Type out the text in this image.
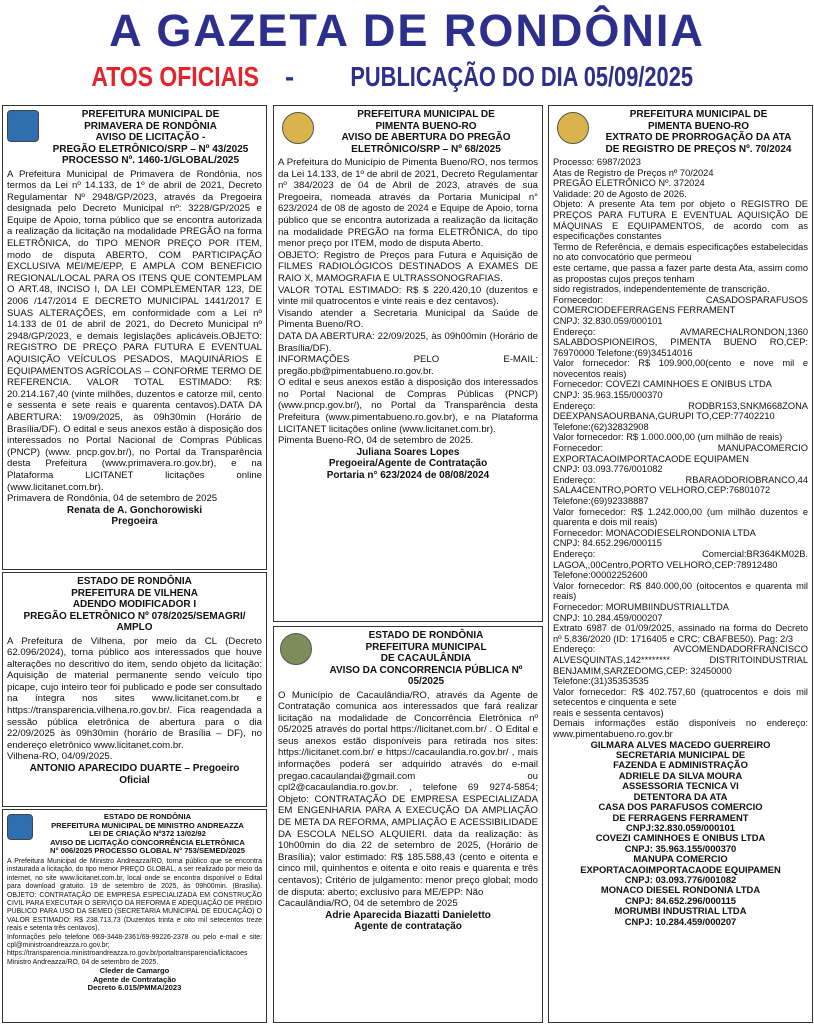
A GAZETA DE RONDÔNIA
ATOS OFICIAIS - PUBLICAÇÃO DO DIA 05/09/2025
PREFEITURA MUNICIPAL DE
PRIMAVERA DE RONDÔNIA
AVISO DE LICITAÇÃO -
PREGÃO ELETRÔNICO/SRP – Nº 43/2025
PROCESSO Nº. 1460-1/GLOBAL/2025
A Prefeitura Municipal de Primavera de Rondônia, nos termos da Lei nº 14.133, de 1º de abril de 2021, Decreto Regulamentar Nº 2948/GP/2023, através da Pregoeira designada pelo Decreto Municipal nº: 3228/GP/2025 e Equipe de Apoio, torna público que se encontra autorizada a realização da licitação na modalidade PREGÃO na forma ELETRÔNICA, do TIPO MENOR PREÇO POR ITEM, modo de disputa ABERTO, COM PARTICIPAÇÃO EXCLUSIVA MEI/ME/EPP, E AMPLA COM BENEFICIO REGIONAL/LOCAL PARA OS ITENS QUE CONTEMPLAM O ART.48, INCISO I, DA LEI COMPLEMENTAR 123, DE 2006 /147/2014 E DECRETO MUNICIPAL 1441/2017 E SUAS ALTERAÇÕES, em conformidade com a Lei nº 14.133 de 01 de abril de 2021, do Decreto Municipal nº 2948/GP/2023, e demais legislações aplicáveis.OBJETO: REGISTRO DE PREÇO PARA FUTURA E EVENTUAL AQUISIÇÃO VEÍCULOS PESADOS, MAQUINÁRIOS E EQUIPAMENTOS AGRÍCOLAS – CONFORME TERMO DE REFERENCIA. VALOR TOTAL ESTIMADO: R$: 20.214.167,40 (vinte milhões, duzentos e catorze mil, cento e sessenta e sete reais e quarenta centavos).DATA DA ABERTURA: 19/09/2025, às 09h30min (Horário de Brasília/DF). O edital e seus anexos estão à disposição dos interessados no Portal Nacional de Compras Públicas (PNCP) (www. pncp.gov.br/), no Portal da Transparência desta Prefeitura (www.primavera.ro.gov.br), e na Plataforma LICITANET licitações online (www.licitanet.com.br).
Primavera de Rondônia, 04 de setembro de 2025
Renata de A. Gonchorowiski
Pregoeira
ESTADO DE RONDÔNIA
PREFEITURA DE VILHENA
ADENDO MODIFICADOR I
PREGÃO ELETRÔNICO Nº 078/2025/SEMAGRI/
AMPLO
A Prefeitura de Vilhena, por meio da CL (Decreto 62.096/2024), torna público aos interessados que houve alterações no descritivo do item, sendo objeto da licitação: Aquisição de material permanente sendo veículo tipo picape, cujo inteiro teor foi publicado e pode ser consultado na íntegra nos sites www.licitanet.com.br e https://transparencia.vilhena.ro.gov.br/. Fica reagendada a sessão pública eletrônica de abertura para o dia 22/09/2025 às 09h30min (horário de Brasília – DF), no endereço eletrônico www.licitanet.com.br.
Vilhena-RO, 04/09/2025.
ANTONIO APARECIDO DUARTE – Pregoeiro
Oficial
ESTADO DE RONDÔNIA
PREFEITURA MUNICIPAL DE MINISTRO ANDREAZZA
LEI DE CRIAÇÃO Nº372 13/02/92
AVISO DE LICITAÇÃO CONCORRÊNCIA ELETRÔNICA
N° 006/2025 PROCESSO GLOBAL N° 753/SEMED/2025
A Prefeitura Municipal de Ministro Andreazza/RO, torna público que se encontra instaurada a licitação, do tipo menor PREÇO GLOBAL, a ser realizado por meio da internet, no site www.licitanet.com.br, local onde se encontra disponível o Edital para download gratuito. 19 de setembro de 2025, às 09h00min. (Brasília). OBJETO: CONTRATAÇÃO DE EMPRESA ESPECIALIZADA EM CONSTRUÇÃO CIVIL PARA EXECUTAR O SERVIÇO DA REFORMA E ADEQUAÇÃO DE PRÉDIO PÚBLICO PARA USO DA SEMED (SECRETARIA MUNICIPAL DE EDUCAÇÃO) O VALOR ESTIMADO: R$ 238.713,73 (Duzentos trinta e oito mil setecentos treze reais e setenta três centavos).
Informações pelo telefone 069-3448-2361/69-99226-2378 ou pelo e-mail e site: cpl@ministroandreazza.ro.gov.br; https://transparencia.ministroandreazza.ro.gov.br/portaltransparencia/licitacoes
Ministro Andreazza/RO, 04 de setembro de 2025.
Cleder de Camargo
Agente de Contratação
Decreto 6.015/PMMA/2023
PREFEITURA MUNICIPAL DE
PIMENTA BUENO-RO
AVISO DE ABERTURA DO PREGÃO
ELETRÔNICO/SRP – Nº 68/2025
A Prefeitura do Município de Pimenta Bueno/RO, nos termos da Lei 14.133, de 1º de abril de 2021, Decreto Regulamentar nº 384/2023 de 04 de Abril de 2023, através de sua Pregoeira, nomeada através da Portaria Municipal n° 623/2024 de 08 de agosto de 2024 e Equipe de Apoio, torna público que se encontra autorizada a realização da licitação na modalidade PREGÃO na forma ELETRÔNICA, do tipo menor preço por ITEM, modo de disputa Aberto.
OBJETO: Registro de Preços para Futura e Aquisição de FILMES RADIOLÓGICOS DESTINADOS A EXAMES DE RAIO X, MAMOGRAFIA E ULTRASSONOGRAFIAS.
VALOR TOTAL ESTIMADO: R$ $ 220.420,10 (duzentos e vinte mil quatrocentos e vinte reais e dez centavos).
Visando atender a Secretaria Municipal da Saúde de Pimenta Bueno/RO.
DATA DA ABERTURA: 22/09/2025, às 09h00min (Horário de Brasília/DF).
INFORMAÇÕES PELO E-MAIL: pregão.pb@pimentabueno.ro.gov.br.
O edital e seus anexos estão à disposição dos interessados no Portal Nacional de Compras Públicas (PNCP) (www.pncp.gov.br/), no Portal da Transparência desta Prefeitura (www.pimentabueno.ro.gov.br), e na Plataforma LICITANET licitações online (www.licitanet.com.br).
Pimenta Bueno-RO, 04 de setembro de 2025.
Juliana Soares Lopes
Pregoeira/Agente de Contratação
Portaria n° 623/2024 de 08/08/2024
ESTADO DE RONDÔNIA
PREFEITURA MUNICIPAL
DE CACAULÂNDIA
AVISO DA CONCORRENCIA PÚBLICA Nº 05/2025
O Município de Cacaulândia/RO, através da Agente de Contratação comunica aos interessados que fará realizar licitação na modalidade de Concorrência Eletrônica nº 05/2025 através do portal https://licitanet.com.br/ . O Edital e seus anexos estão disponíveis para retirada nos sites: https://licitanet.com.br/ e https://cacaulandia.ro.gov.br/ , mais informações poderá ser adquirido através do e-mail pregao.cacaulandai@gmail.com ou cpl2@cacaulandia.ro.gov.br. , telefone 69 9274-5854; Objeto: CONTRATAÇÃO DE EMPRESA ESPECIALIZADA EM ENGENHARIA PARA A EXECUÇÃO DA AMPLIAÇÃO DE META DA REFORMA, AMPLIAÇÃO E ACESSIBILIDADE DA ESCOLA NELSO ALQUIERI. data da realização: às 10h00min do dia 22 de setembro de 2025, (Horário de Brasília); valor estimado: R$ 185.588,43 (cento e oitenta e cinco mil, quinhentos e oitenta e oito reais e quarenta e três centavos); Critério de julgamento: menor preço global; modo de disputa: aberto; exclusivo para ME/EPP: Não
Cacaulândia/RO, 04 de setembro de 2025
Adrie Aparecida Biazatti Danieletto
Agente de contratação
PREFEITURA MUNICIPAL DE
PIMENTA BUENO-RO
EXTRATO DE PRORROGAÇÃO DA ATA
DE REGISTRO DE PREÇOS Nº. 70/2024
Processo: 6987/2023
Atas de Registro de Preços nº 70/2024
PREGÃO ELETRÔNICO Nº. 372024
Validade: 20 de Agosto de 2026.
Objeto: A presente Ata tem por objeto o REGISTRO DE PREÇOS PARA FUTURA E EVENTUAL AQUISIÇÃO DE MÁQUINAS E EQUIPAMENTOS, de acordo com as especificações constantes
Termo de Referência, e demais especificações estabelecidas no ato convocatório que permeou
este certame, que passa a fazer parte desta Ata, assim como as propostas cujos preços tenham
sido registrados, independentemente de transcrição.
Fornecedor: CASADOSPARAFUSOS COMERCIODEFERRAGENS FERRAMENT
CNPJ: 32.830.059/000101
Endereço: AVMARECHALRONDON,1360 SALABDOSPIONEIROS, PIMENTA BUENO RO,CEP: 76970000 Telefone:(69)34514016
Valor fornecedor: R$ 109.900,00(cento e nove mil e novecentos reais)
Fornecedor: COVEZI CAMINHOES E ONIBUS LTDA
CNPJ: 35.963.155/000370
Endereço: RODBR153,SNKM668ZONA DEEXPANSAOURBANA,GURUPI TO,CEP:77402210
Telefone:(62)32832908
Valor fornecedor: R$ 1.000.000,00 (um milhão de reais)
Fornecedor: MANUPACOMERCIO EXPORTACAOIMPORTACAODE EQUIPAMEN
CNPJ: 03.093.776/001082
Endereço: RBARAODORIOBRANCO,44 SALA4CENTRO,PORTO VELHORO,CEP:76801072
Telefone:(69)92338887
Valor fornecedor: R$ 1.242.000,00 (um milhão duzentos e quarenta e dois mil reais)
Fornecedor: MONACODIESELRONDONIA LTDA
CNPJ: 84.652.296/000115
Endereço: Comercial:BR364KM02B. LAGOA,,00Centro,PORTO VELHORO,CEP:78912480
Telefone:00002252600
Valor fornecedor: R$ 840.000,00 (oitocentos e quarenta mil reais)
Fornecedor: MORUMBIINDUSTRIALLTDA
CNPJ: 10.284.459/000207
Extrato 6987 de 01/09/2025, assinado na forma do Decreto nº 5.836/2020 (ID: 1716405 e CRC: CBAFBE50). Pag: 2/3
Endereço: AVCOMENDADORFRANCISCO ALVESQUINTAS,142******** DISTRITOINDUSTRIAL BENJAMIM,SARZEDOMG,CEP: 32450000
Telefone:(31)35353535
Valor fornecedor: R$ 402.757,60 (quatrocentos e dois mil setecentos e cinquenta e sete
reais e sessenta centavos)
Demais informações estão disponíveis no endereço: www.pimentabueno.ro.gov.br
GILMARA ALVES MACEDO GUERREIRO
SECRETARIA MUNICIPAL DE
FAZENDA E ADMINISTRAÇÃO
ADRIELE DA SILVA MOURA
ASSESSORIA TECNICA VI
DETENTORA DA ATA
CASA DOS PARAFUSOS COMERCIO
DE FERRAGENS FERRAMENT
CNPJ:32.830.059/000101
COVEZI CAMINHOES E ONIBUS LTDA
CNPJ: 35.963.155/000370
MANUPA COMERCIO
EXPORTACAOIMPORTACAODE EQUIPAMEN
CNPJ: 03.093.776/001082
MONACO DIESEL RONDONIA LTDA
CNPJ: 84.652.296/000115
MORUMBI INDUSTRIAL LTDA
CNPJ: 10.284.459/000207
